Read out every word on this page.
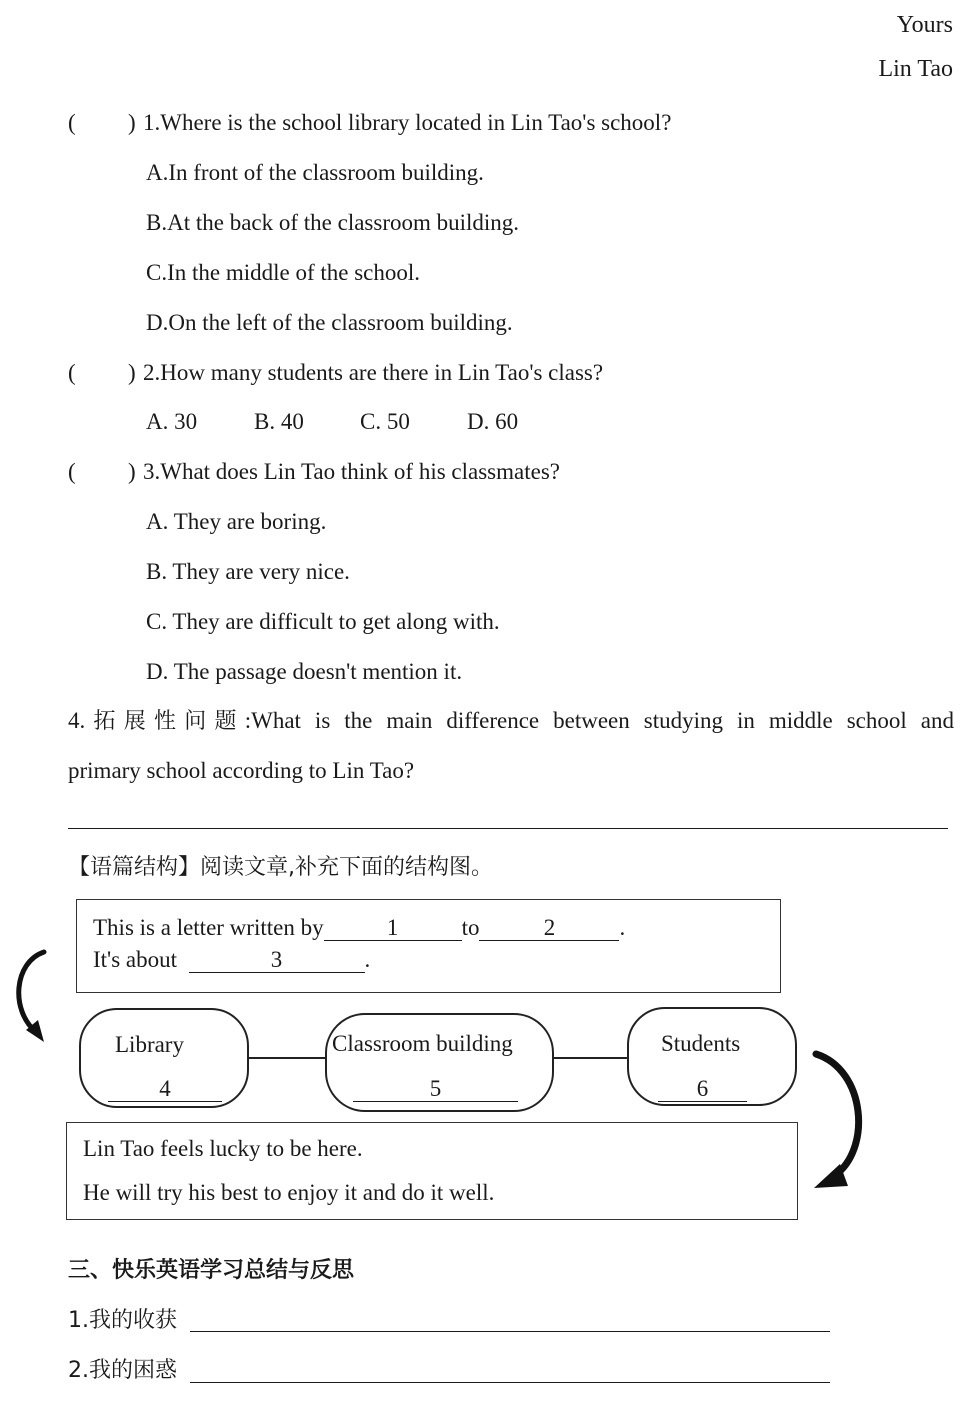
Yours
Lin Tao
( ) 1.Where is the school library located in Lin Tao's school?
A.In front of the classroom building.
B.At the back of the classroom building.
C.In the middle of the school.
D.On the left of the classroom building.
( ) 2.How many students are there in Lin Tao's class?
A. 30 B. 40 C. 50 D. 60
( ) 3.What does Lin Tao think of his classmates?
A. They are boring.
B. They are very nice.
C. They are difficult to get along with.
D. The passage doesn't mention it.
4.拓展性问题:What is the main difference between studying in middle school and
primary school according to Lin Tao?
【语篇结构】阅读文章,补充下面的结构图。
This is a letter written by	1	to	2	.
It's about	3	.
Library
4
Classroom building
5
Students
6
Lin Tao feels lucky to be here.
He will try his best to enjoy it and do it well.
三、快乐英语学习总结与反思
1.我的收获
2.我的困惑
